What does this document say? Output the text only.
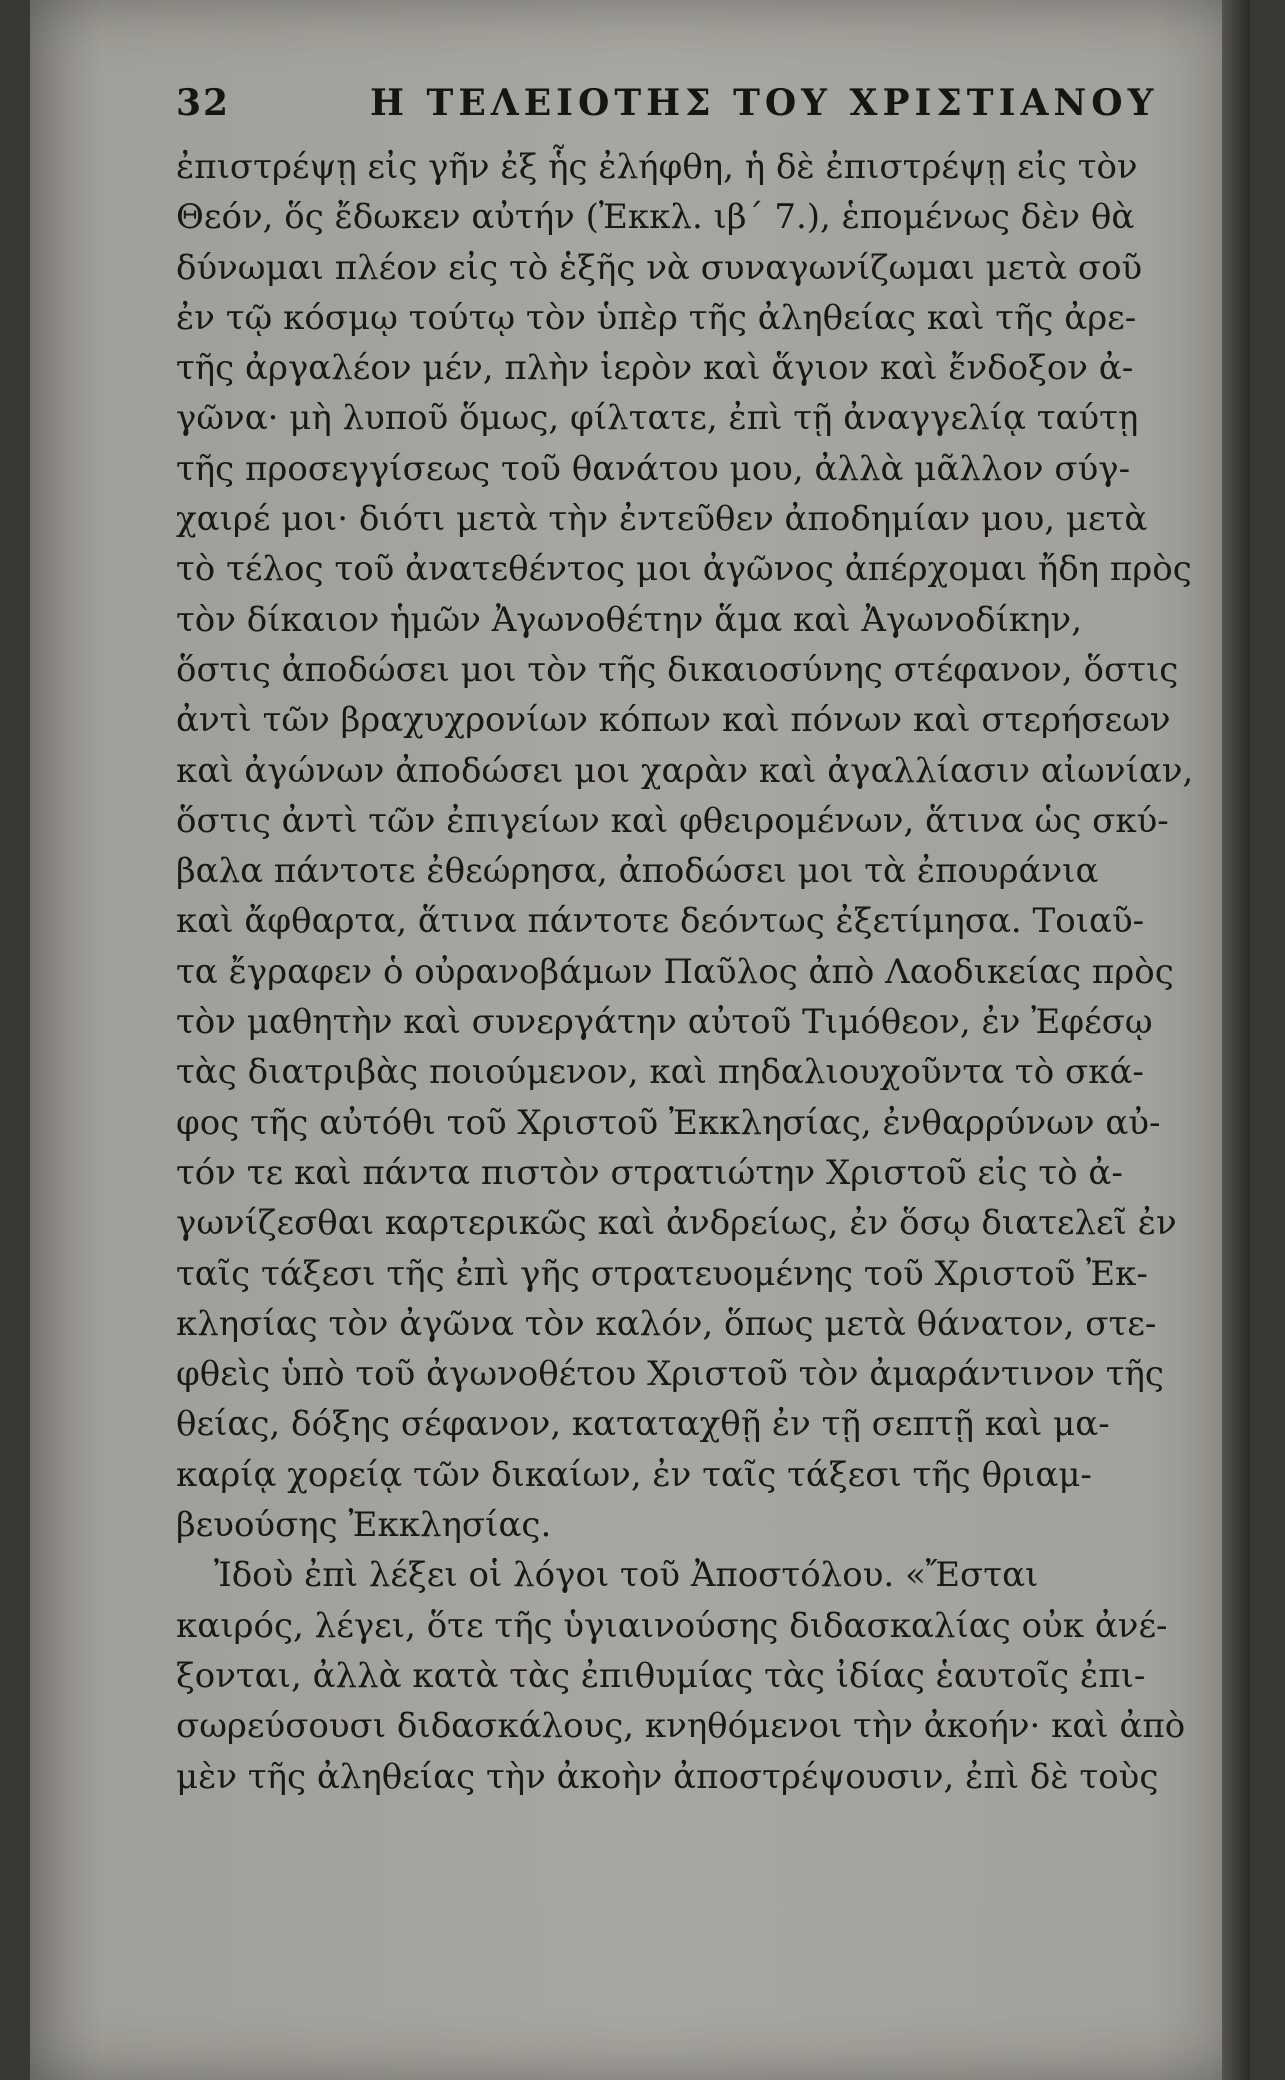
32	Η ΤΕΛΕΙΟΤΗΣ ΤΟΥ ΧΡΙΣΤΙΑΝΟΥ
ἐπιστρέψῃ εἰς γῆν ἐξ ἧς ἐλήφθη, ἡ δὲ ἐπιστρέψῃ εἰς τὸν
Θεόν, ὅς ἔδωκεν αὐτήν (Ἐκκλ. ιβ΄ 7.), ἑπομένως δὲν θὰ
δύνωμαι πλέον εἰς τὸ ἑξῆς νὰ συναγωνίζωμαι μετὰ σοῦ
ἐν τῷ κόσμῳ τούτῳ τὸν ὑπὲρ τῆς ἀληθείας καὶ τῆς ἀρε-
τῆς ἀργαλέον μέν, πλὴν ἱερὸν καὶ ἅγιον καὶ ἔνδοξον ἀ-
γῶνα· μὴ λυποῦ ὅμως, φίλτατε, ἐπὶ τῇ ἀναγγελίᾳ ταύτῃ
τῆς προσεγγίσεως τοῦ θανάτου μου, ἀλλὰ μᾶλλον σύγ-
χαιρέ μοι· διότι μετὰ τὴν ἐντεῦθεν ἀποδημίαν μου, μετὰ
τὸ τέλος τοῦ ἀνατεθέντος μοι ἀγῶνος ἀπέρχομαι ἤδη πρὸς
τὸν δίκαιον ἡμῶν Ἀγωνοθέτην ἅμα καὶ Ἀγωνοδίκην,
ὅστις ἀποδώσει μοι τὸν τῆς δικαιοσύνης στέφανον, ὅστις
ἀντὶ τῶν βραχυχρονίων κόπων καὶ πόνων καὶ στερήσεων
καὶ ἀγώνων ἀποδώσει μοι χαρὰν καὶ ἀγαλλίασιν αἰωνίαν,
ὅστις ἀντὶ τῶν ἐπιγείων καὶ φθειρομένων, ἅτινα ὡς σκύ-
βαλα πάντοτε ἐθεώρησα, ἀποδώσει μοι τὰ ἐπουράνια
καὶ ἄφθαρτα, ἅτινα πάντοτε δεόντως ἐξετίμησα. Τοιαῦ-
τα ἔγραφεν ὁ οὐρανοβάμων Παῦλος ἀπὸ Λαοδικείας πρὸς
τὸν μαθητὴν καὶ συνεργάτην αὐτοῦ Τιμόθεον, ἐν Ἐφέσῳ
τὰς διατριβὰς ποιούμενον, καὶ πηδαλιουχοῦντα τὸ σκά-
φος τῆς αὐτόθι τοῦ Χριστοῦ Ἐκκλησίας, ἐνθαρρύνων αὐ-
τόν τε καὶ πάντα πιστὸν στρατιώτην Χριστοῦ εἰς τὸ ἀ-
γωνίζεσθαι καρτερικῶς καὶ ἀνδρείως, ἐν ὅσῳ διατελεῖ ἐν
ταῖς τάξεσι τῆς ἐπὶ γῆς στρατευομένης τοῦ Χριστοῦ Ἐκ-
κλησίας τὸν ἀγῶνα τὸν καλόν, ὅπως μετὰ θάνατον, στε-
φθεὶς ὑπὸ τοῦ ἀγωνοθέτου Χριστοῦ τὸν ἀμαράντινον τῆς
θείας, δόξης σέφανον, καταταχθῇ ἐν τῇ σεπτῇ καὶ μα-
καρίᾳ χορείᾳ τῶν δικαίων, ἐν ταῖς τάξεσι τῆς θριαμ-
βευούσης Ἐκκλησίας.
Ἰδοὺ ἐπὶ λέξει οἱ λόγοι τοῦ Ἀποστόλου. «Ἔσται
καιρός, λέγει, ὅτε τῆς ὑγιαινούσης διδασκαλίας οὐκ ἀνέ-
ξονται, ἀλλὰ κατὰ τὰς ἐπιθυμίας τὰς ἰδίας ἑαυτοῖς ἐπι-
σωρεύσουσι διδασκάλους, κνηθόμενοι τὴν ἀκοήν· καὶ ἀπὸ
μὲν τῆς ἀληθείας τὴν ἀκοὴν ἀποστρέψουσιν, ἐπὶ δὲ τοὺς
